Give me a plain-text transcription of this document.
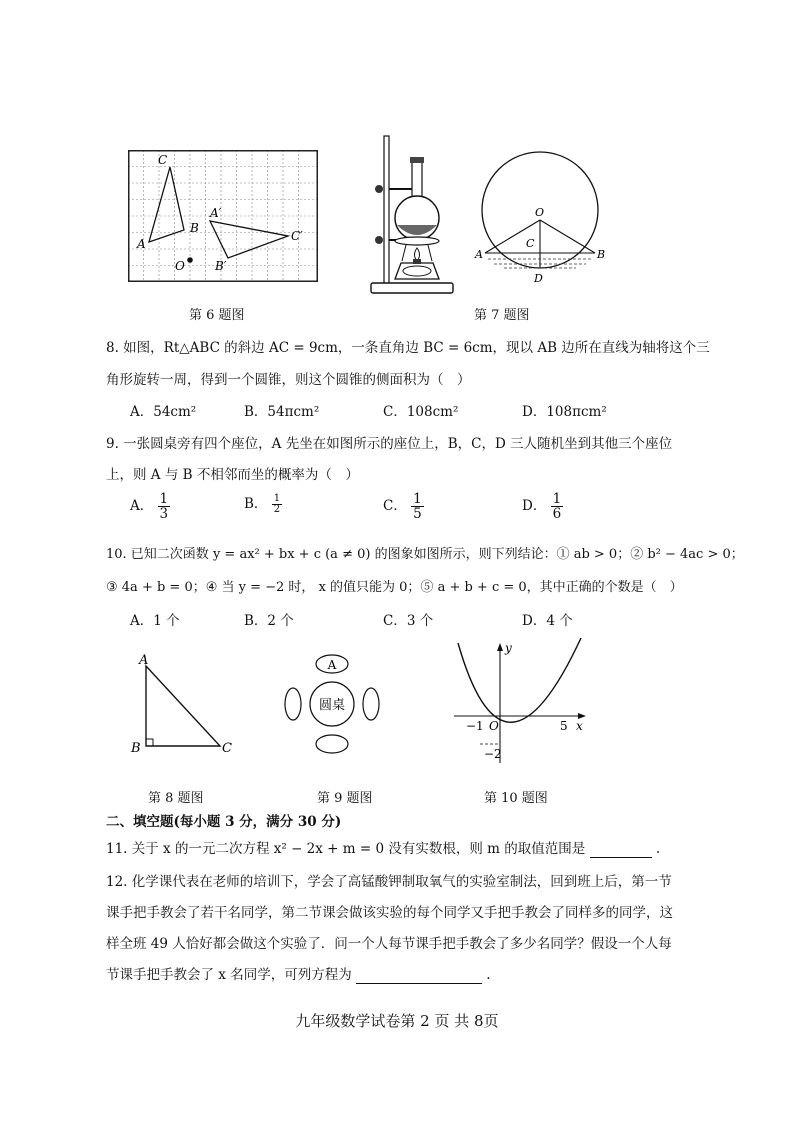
C
A
B
O
A′
B′
C′
O
C
A	B
D
第 6 题图	第 7 题图
8. 如图，Rt△ABC 的斜边 AC = 9cm，一条直角边 BC = 6cm，现以 AB 边所在直线为轴将这个三
角形旋转一周，得到一个圆锥，则这个圆锥的侧面积为（　）
A．54cm²	B．54πcm²	C．108cm²	D．108πcm²
9. 一张圆桌旁有四个座位，A 先坐在如图所示的座位上，B，C，D 三人随机坐到其他三个座位
上，则 A 与 B 不相邻而坐的概率为（　）
A． $\frac{1}{3}$	B． $\frac{1}{2}$	C． $\frac{1}{5}$	D． $\frac{1}{6}$
10. 已知二次函数 y = ax² + bx + c (a ≠ 0) 的图象如图所示，则下列结论：① ab > 0；② b² − 4ac > 0；
③ 4a + b = 0；④ 当 y = −2 时， x 的值只能为 0；⑤ a + b + c = 0，其中正确的个数是（　）
A．1 个	B．2 个	C．3 个	D．4 个
A
B	C
A
圆桌
y
x
O
−1	5
−2
第 8 题图	第 9 题图	第 10 题图
二、填空题(每小题 3 分，满分 30 分)
11. 关于 x 的一元二次方程 x² − 2x + m = 0 没有实数根，则 m 的取值范围是	.
12. 化学课代表在老师的培训下，学会了高锰酸钾制取氧气的实验室制法，回到班上后，第一节
课手把手教会了若干名同学，第二节课会做该实验的每个同学又手把手教会了同样多的同学，这
样全班 49 人恰好都会做这个实验了．问一个人每节课手把手教会了多少名同学？假设一个人每
节课手把手教会了 x 名同学，可列方程为	.
九年级数学试卷第 2 页 共 8页
